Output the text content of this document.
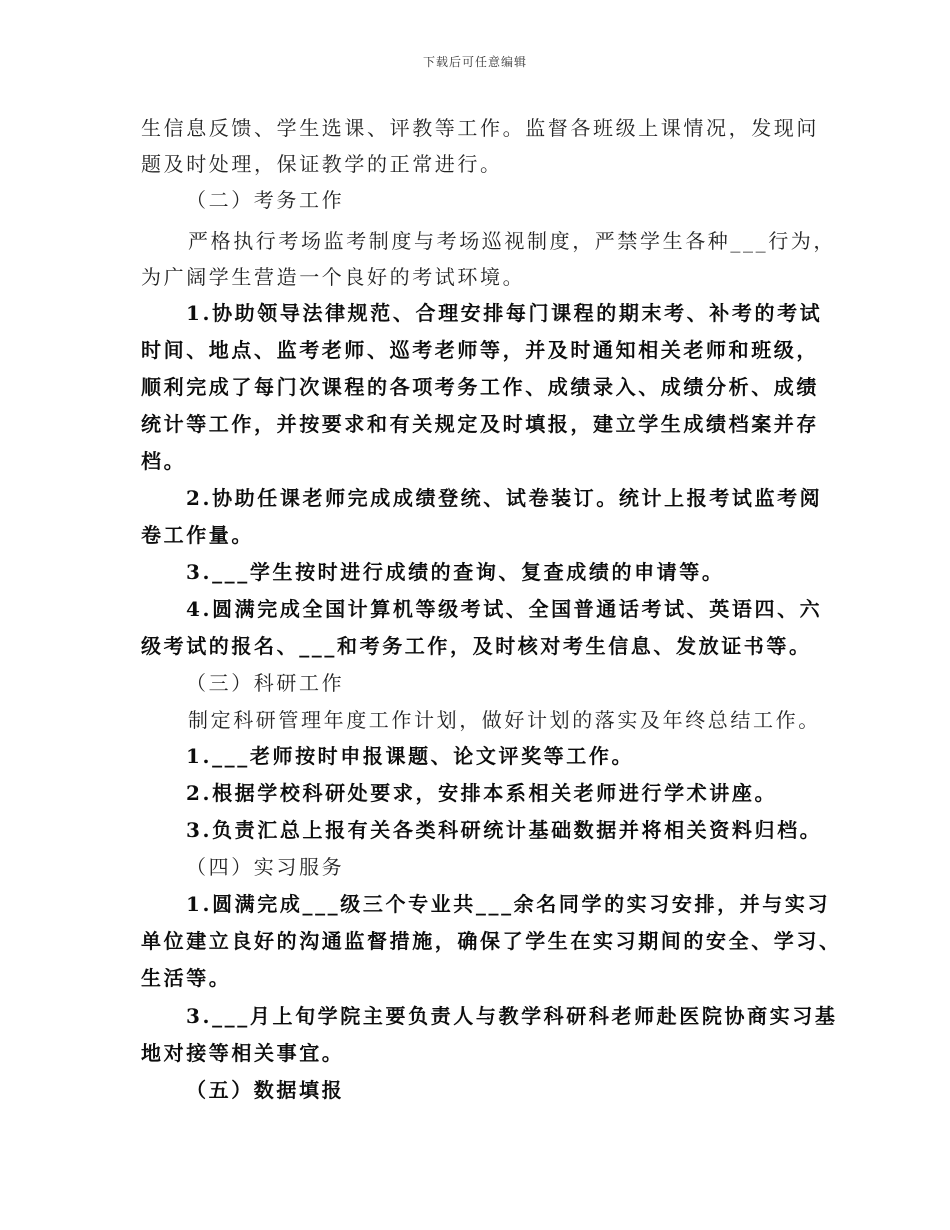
下载后可任意编辑
生信息反馈、学生选课、评教等工作。监督各班级上课情况，发现问
题及时处理，保证教学的正常进行。
（二）考务工作
严格执行考场监考制度与考场巡视制度，严禁学生各种___行为，
为广阔学生营造一个良好的考试环境。
1.协助领导法律规范、合理安排每门课程的期末考、补考的考试
时间、地点、监考老师、巡考老师等，并及时通知相关老师和班级，
顺利完成了每门次课程的各项考务工作、成绩录入、成绩分析、成绩
统计等工作，并按要求和有关规定及时填报，建立学生成绩档案并存
档。
2.协助任课老师完成成绩登统、试卷装订。统计上报考试监考阅
卷工作量。
3.___学生按时进行成绩的查询、复查成绩的申请等。
4.圆满完成全国计算机等级考试、全国普通话考试、英语四、六
级考试的报名、___和考务工作，及时核对考生信息、发放证书等。
（三）科研工作
制定科研管理年度工作计划，做好计划的落实及年终总结工作。
1.___老师按时申报课题、论文评奖等工作。
2.根据学校科研处要求，安排本系相关老师进行学术讲座。
3.负责汇总上报有关各类科研统计基础数据并将相关资料归档。
（四）实习服务
1.圆满完成___级三个专业共___余名同学的实习安排，并与实习
单位建立良好的沟通监督措施，确保了学生在实习期间的安全、学习、
生活等。
3.___月上旬学院主要负责人与教学科研科老师赴医院协商实习基
地对接等相关事宜。
（五）数据填报
